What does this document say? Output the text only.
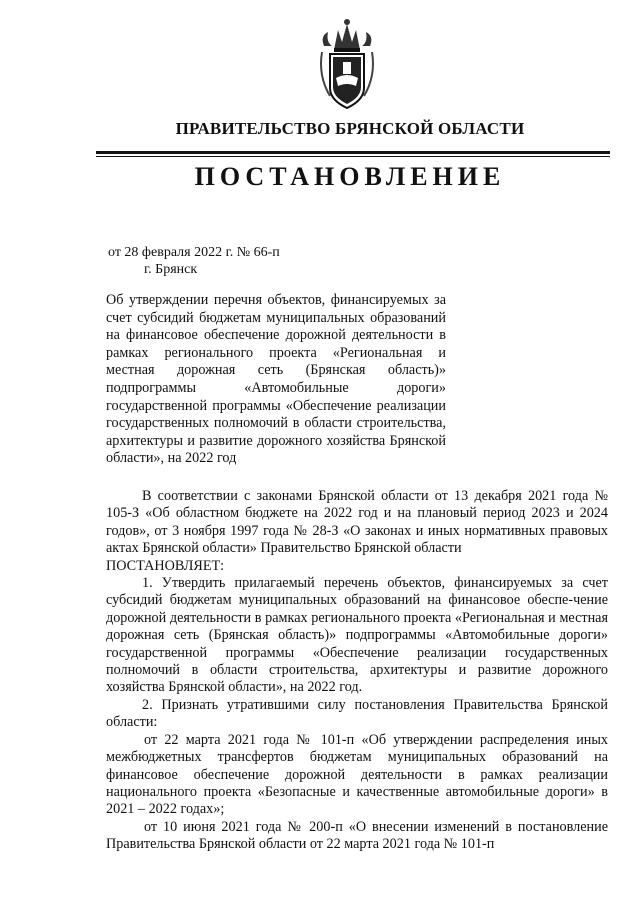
ПРАВИТЕЛЬСТВО БРЯНСКОЙ ОБЛАСТИ
ПОСТАНОВЛЕНИЕ
от 28 февраля 2022 г. № 66-п
г. Брянск
Об утверждении перечня объектов, финансируемых за счет субсидий бюджетам муниципальных образований на финансовое обеспечение дорожной деятельности в рамках регионального проекта «Региональная и местная дорожная сеть (Брянская область)» подпрограммы «Автомобильные дороги» государственной программы «Обеспечение реализации государственных полномочий в области строительства, архитектуры и развитие дорожного хозяйства Брянской области», на 2022 год

В соответствии с законами Брянской области от 13 декабря 2021 года № 105-З «Об областном бюджете на 2022 год и на плановый период 2023 и 2024 годов», от 3 ноября 1997 года № 28-З «О законах и иных нормативных правовых актах Брянской области» Правительство Брянской области

ПОСТАНОВЛЯЕТ:

1. Утвердить прилагаемый перечень объектов, финансируемых за счет субсидий бюджетам муниципальных образований на финансовое обеспе-чение дорожной деятельности в рамках регионального проекта «Региональная и местная дорожная сеть (Брянская область)» подпрограммы «Автомобильные дороги» государственной программы «Обеспечение реализации государственных полномочий в области строительства, архитектуры и развитие дорожного хозяйства Брянской области», на 2022 год.

2. Признать утратившими силу постановления Правительства Брянской области:

от 22 марта 2021 года № 101-п «Об утверждении распределения иных межбюджетных трансфертов бюджетам муниципальных образований на финансовое обеспечение дорожной деятельности в рамках реализации национального проекта «Безопасные и качественные автомобильные дороги» в 2021 – 2022 годах»;

от 10 июня 2021 года № 200-п «О внесении изменений в постановление Правительства Брянской области от 22 марта 2021 года № 101-п
